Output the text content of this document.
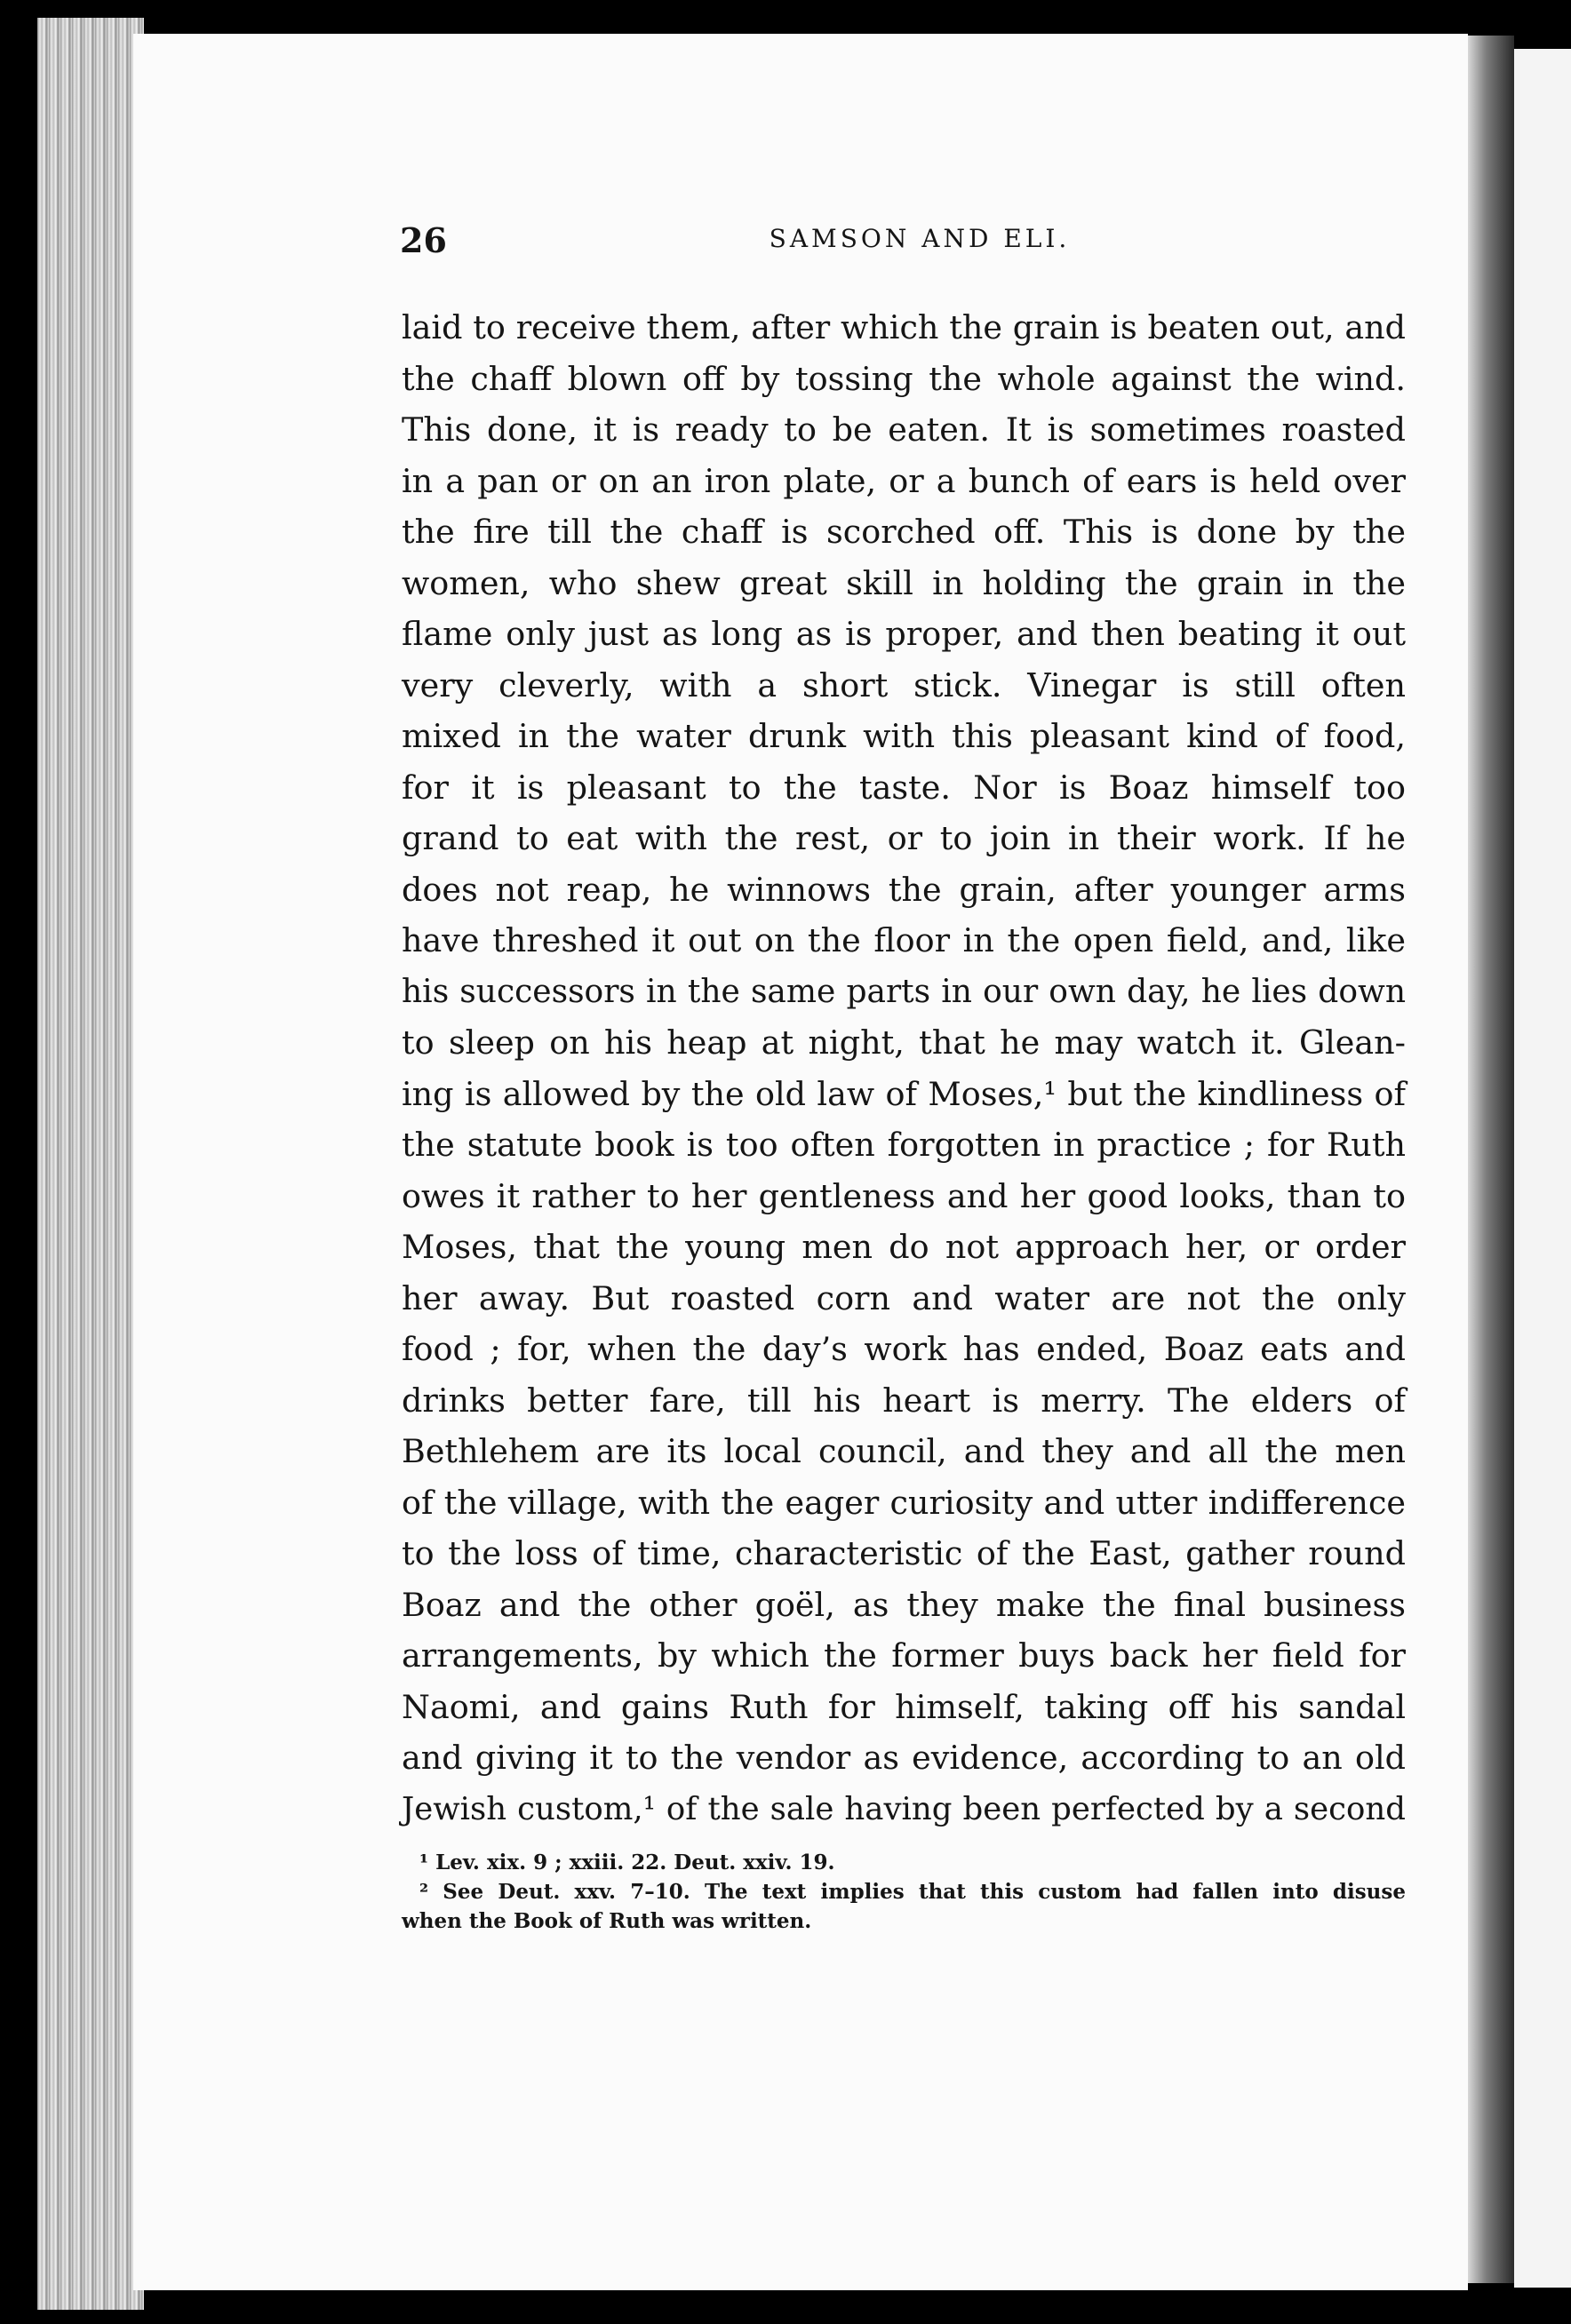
26	SAMSON AND ELI.
laid to receive them, after which the grain is beaten out, and
the chaff blown off by tossing the whole against the wind.
This done, it is ready to be eaten. It is sometimes roasted
in a pan or on an iron plate, or a bunch of ears is held over
the fire till the chaff is scorched off. This is done by the
women, who shew great skill in holding the grain in the
flame only just as long as is proper, and then beating it out
very cleverly, with a short stick. Vinegar is still often
mixed in the water drunk with this pleasant kind of food,
for it is pleasant to the taste. Nor is Boaz himself too
grand to eat with the rest, or to join in their work. If he
does not reap, he winnows the grain, after younger arms
have threshed it out on the floor in the open field, and, like
his successors in the same parts in our own day, he lies down
to sleep on his heap at night, that he may watch it. Glean-
ing is allowed by the old law of Moses,¹ but the kindliness of
the statute book is too often forgotten in practice ; for Ruth
owes it rather to her gentleness and her good looks, than to
Moses, that the young men do not approach her, or order
her away. But roasted corn and water are not the only
food ; for, when the day’s work has ended, Boaz eats and
drinks better fare, till his heart is merry. The elders of
Bethlehem are its local council, and they and all the men
of the village, with the eager curiosity and utter indifference
to the loss of time, characteristic of the East, gather round
Boaz and the other goël, as they make the final business
arrangements, by which the former buys back her field for
Naomi, and gains Ruth for himself, taking off his sandal
and giving it to the vendor as evidence, according to an old
Jewish custom,¹ of the sale having been perfected by a second
¹ Lev. xix. 9 ; xxiii. 22. Deut. xxiv. 19.
² See Deut. xxv. 7–10. The text implies that this custom had fallen into disuse
when the Book of Ruth was written.
